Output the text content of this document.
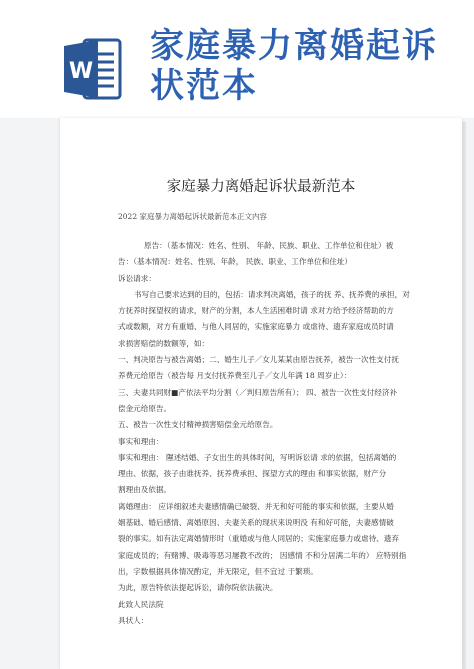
W
家庭暴力离婚起诉状范本
家庭暴力离婚起诉状最新范本

2022 家庭暴力离婚起诉状最新范本正文内容

原告：（基本情况：姓名、性别、 年龄、民族、职业、工作单位和住址）被

告：（基本情况：姓名、性别、年龄， 民族、职业、工作单位和住址）

诉讼请求：

书写自己要求达到的目的，包括：请求判决离婚，孩子的抚 养、抚养费的承担，对

方抚养时探望权的请求，财产的分割，本人生活困难时请 求对方给予经济帮助的方

式或数额，对方有重婚、与他人同居的，实施家庭暴力 或虐待、遗弃家庭成员时请

求损害赔偿的数额等，如：

一、判决原告与被告离婚；二、婚生儿子／女儿某某由原告抚养，被告一次性支付抚

养费元给原告（被告每 月支付抚养费至儿子／女儿年满 18 周岁止）：

三、夫妻共同财■产依法平均分割（／判归原告所有）； 四、被告一次性支付经济补

偿金元给原告。

五、被告一次性支付精神损害赔偿金元给原告。

事实和理由：

事实和理由： 隰述结婚、子女出生的具体时间，写明诉讼请 求的依据，包括离婚的

理由、依据，孩子由谁抚养、抚养费承担、探望方式的理由 和事实依据，财产分

割理由及依据。

离婚理由： 应详细叙述夫妻感情确已破裂、并无和好可能的事实和依据，主要从婚

姻基础、婚后感情、离婚原因、夫妻关系的现状来说明没 有和好可能，夫妻感情破

裂的事实。如有法定离婚情形时（重婚或与他人同居的；实施家庭暴力或虐待、遗弃

家庭成员的；有赌博、吸毒等恶习屡教不改的； 因感情 不和分居满二年的） 应特别指

出，字数根据具体情况酌定，并无限定，但不宜过 于繁琐。

为此，原告特依法提起诉讼，请你院依法裁决。

此致人民法院

具状人：
